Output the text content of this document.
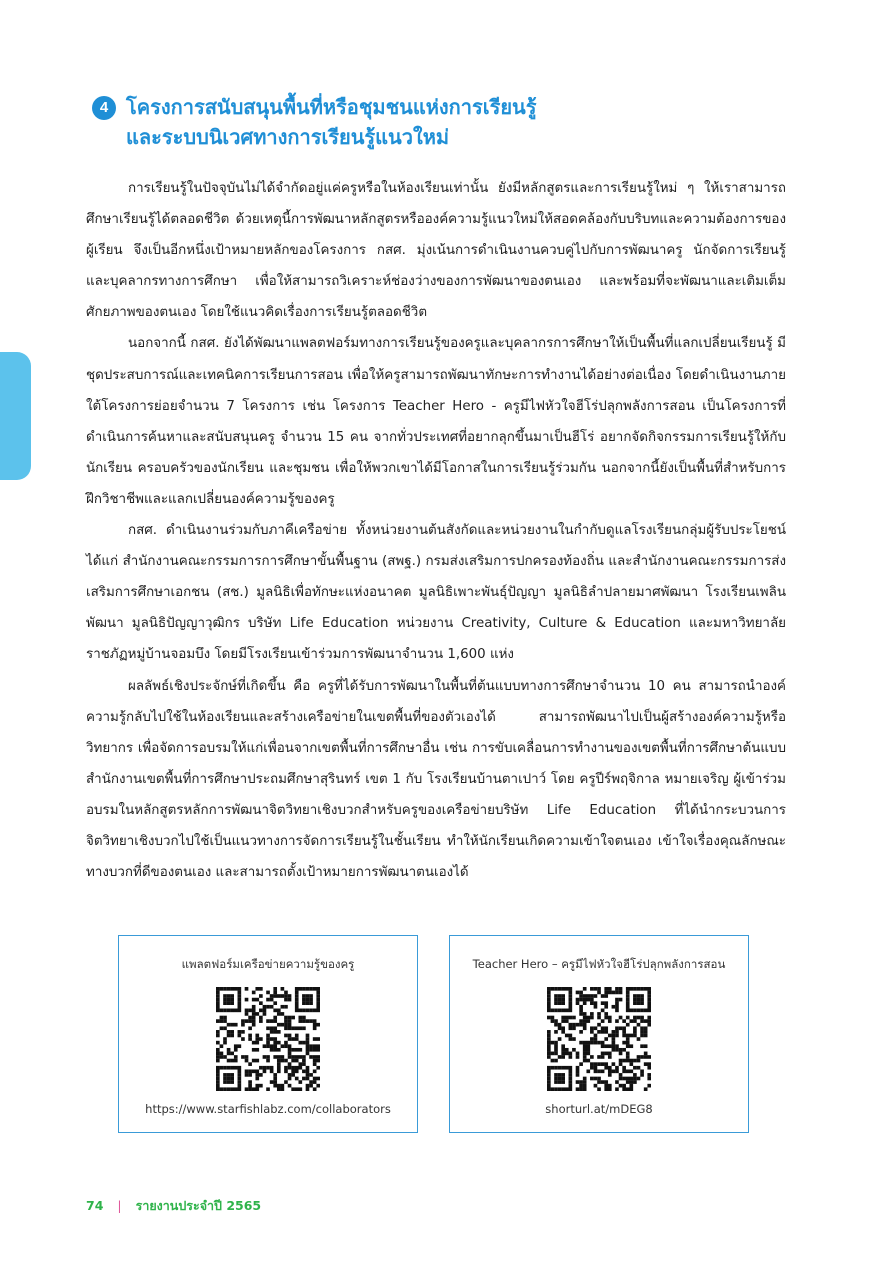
4 โครงการสนับสนุนพื้นที่หรือชุมชนแห่งการเรียนรู้
และระบบนิเวศทางการเรียนรู้แนวใหม่

การเรียนรู้ในปัจจุบันไม่ได้จำกัดอยู่แค่ครูหรือในห้องเรียนเท่านั้น ยังมีหลักสูตรและการเรียนรู้ใหม่ ๆ ให้เราสามารถศึกษาเรียนรู้ได้ตลอดชีวิต ด้วยเหตุนี้การพัฒนาหลักสูตรหรือองค์ความรู้แนวใหม่ให้สอดคล้องกับบริบทและความต้องการของผู้เรียน จึงเป็นอีกหนึ่งเป้าหมายหลักของโครงการ กสศ. มุ่งเน้นการดำเนินงานควบคู่ไปกับการพัฒนาครู นักจัดการเรียนรู้ และบุคลากรทางการศึกษา เพื่อให้สามารถวิเคราะห์ช่องว่างของการพัฒนาของตนเอง และพร้อมที่จะพัฒนาและเติมเต็มศักยภาพของตนเอง โดยใช้แนวคิดเรื่องการเรียนรู้ตลอดชีวิต

นอกจากนี้ กสศ. ยังได้พัฒนาแพลตฟอร์มทางการเรียนรู้ของครูและบุคลากรการศึกษาให้เป็นพื้นที่แลกเปลี่ยนเรียนรู้ มีชุดประสบการณ์และเทคนิคการเรียนการสอน เพื่อให้ครูสามารถพัฒนาทักษะการทำงานได้อย่างต่อเนื่อง โดยดำเนินงานภายใต้โครงการย่อยจำนวน 7 โครงการ เช่น โครงการ Teacher Hero - ครูมีไฟหัวใจฮีโร่ปลุกพลังการสอน เป็นโครงการที่ดำเนินการค้นหาและสนับสนุนครู จำนวน 15 คน จากทั่วประเทศที่อยากลุกขึ้นมาเป็นฮีโร่ อยากจัดกิจกรรมการเรียนรู้ให้กับนักเรียน ครอบครัวของนักเรียน และชุมชน เพื่อให้พวกเขาได้มีโอกาสในการเรียนรู้ร่วมกัน นอกจากนี้ยังเป็นพื้นที่สำหรับการฝึกวิชาชีพและแลกเปลี่ยนองค์ความรู้ของครู

กสศ. ดำเนินงานร่วมกับภาคีเครือข่าย ทั้งหน่วยงานต้นสังกัดและหน่วยงานในกำกับดูแลโรงเรียนกลุ่มผู้รับประโยชน์ ได้แก่ สำนักงานคณะกรรมการการศึกษาขั้นพื้นฐาน (สพฐ.) กรมส่งเสริมการปกครองท้องถิ่น และสำนักงานคณะกรรมการส่งเสริมการศึกษาเอกชน (สช.) มูลนิธิเพื่อทักษะแห่งอนาคต มูลนิธิเพาะพันธุ์ปัญญา มูลนิธิลำปลายมาศพัฒนา โรงเรียนเพลินพัฒนา มูลนิธิปัญญาวุฒิกร บริษัท Life Education หน่วยงาน Creativity, Culture & Education และมหาวิทยาลัยราชภัฏหมู่บ้านจอมบึง โดยมีโรงเรียนเข้าร่วมการพัฒนาจำนวน 1,600 แห่ง

ผลลัพธ์เชิงประจักษ์ที่เกิดขึ้น คือ ครูที่ได้รับการพัฒนาในพื้นที่ต้นแบบทางการศึกษาจำนวน 10 คน สามารถนำองค์ความรู้กลับไปใช้ในห้องเรียนและสร้างเครือข่ายในเขตพื้นที่ของตัวเองได้ สามารถพัฒนาไปเป็นผู้สร้างองค์ความรู้หรือวิทยากร เพื่อจัดการอบรมให้แก่เพื่อนจากเขตพื้นที่การศึกษาอื่น เช่น การขับเคลื่อนการทำงานของเขตพื้นที่การศึกษาต้นแบบ สำนักงานเขตพื้นที่การศึกษาประถมศึกษาสุรินทร์ เขต 1 กับ โรงเรียนบ้านตาเปาว์ โดย ครูปีร์พฤจิกาล หมายเจริญ ผู้เข้าร่วมอบรมในหลักสูตรหลักการพัฒนาจิตวิทยาเชิงบวกสำหรับครูของเครือข่ายบริษัท Life Education ที่ได้นำกระบวนการจิตวิทยาเชิงบวกไปใช้เป็นแนวทางการจัดการเรียนรู้ในชั้นเรียน ทำให้นักเรียนเกิดความเข้าใจตนเอง เข้าใจเรื่องคุณลักษณะทางบวกที่ดีของตนเอง และสามารถตั้งเป้าหมายการพัฒนาตนเองได้

แพลตฟอร์มเครือข่ายความรู้ของครู
https://www.starfishlabz.com/collaborators
Teacher Hero – ครูมีไฟหัวใจฮีโร่ปลุกพลังการสอน
shorturl.at/mDEG8
74 | รายงานประจำปี 2565
